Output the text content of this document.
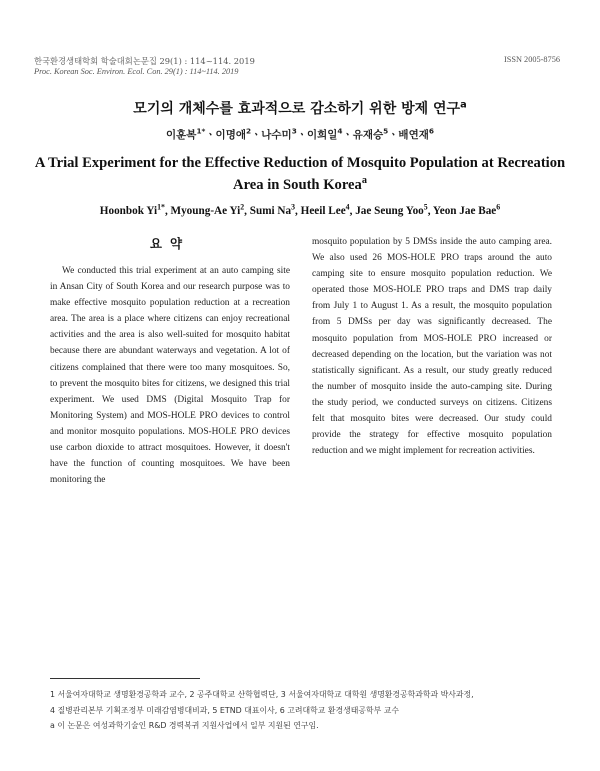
한국환경생태학회 학술대회논문집 29(1) : 114~114. 2019	ISSN 2005-8756
Proc. Korean Soc. Environ. Ecol. Con. 29(1) : 114~114. 2019
모기의 개체수를 효과적으로 감소하기 위한 방제 연구$^a$
이훈복$^{1*}$ㆍ이명애$^2$ㆍ나수미$^3$ㆍ이희일$^4$ㆍ유재승$^5$ㆍ배연재$^6$
A Trial Experiment for the Effective Reduction of Mosquito Population at Recreation Area in South Korea$^a$
Hoonbok $Yi^{1*}$, Myoung-Ae Yi$^2$, Sumi Na$^3$, Heeil Lee$^4$, Jae Seung Yoo$^5$, Yeon Jae Bae$^6$
요약
We conducted this trial experiment at an auto camping site in Ansan City of South Korea and our research purpose was to make effective mosquito population reduction at a recreation area. The area is a place where citizens can enjoy recreational activities and the area is also well-suited for mosquito habitat because there are abundant waterways and vegetation. A lot of citizens complained that there were too many mosquitoes. So, to prevent the mosquito bites for citizens, we designed this trial experiment. We used DMS (Digital Mosquito Trap for Monitoring System) and MOS-HOLE PRO devices to control and monitor mosquito populations. MOS-HOLE PRO devices use carbon dioxide to attract mosquitoes. However, it doesn't have the function of counting mosquitoes. We have been monitoring the
mosquito population by 5 DMSs inside the auto camping area. We also used 26 MOS-HOLE PRO traps around the auto camping site to ensure mosquito population reduction. We operated those MOS-HOLE PRO traps and DMS trap daily from July 1 to August 1. As a result, the mosquito population from 5 DMSs per day was significantly decreased. The mosquito population from MOS-HOLE PRO increased or decreased depending on the location, but the variation was not statistically significant. As a result, our study greatly reduced the number of mosquito inside the auto-camping site. During the study period, we conducted surveys on citizens. Citizens felt that mosquito bites were decreased. Our study could provide the strategy for effective mosquito population reduction and we might implement for recreation activities.
1 서울여자대학교 생명환경공학과 교수, 2 공주대학교 산학협력단, 3 서울여자대학교 대학원 생명환경공학과학과 박사과정,
4 질병관리본부 기획조정부 미래감염병대비과, 5 ETND 대표이사, 6 고려대학교 환경생태공학부 교수
a 이 논문은 여성과학기술인 R&D 경력복귀 지원사업에서 일부 지원된 연구임.
